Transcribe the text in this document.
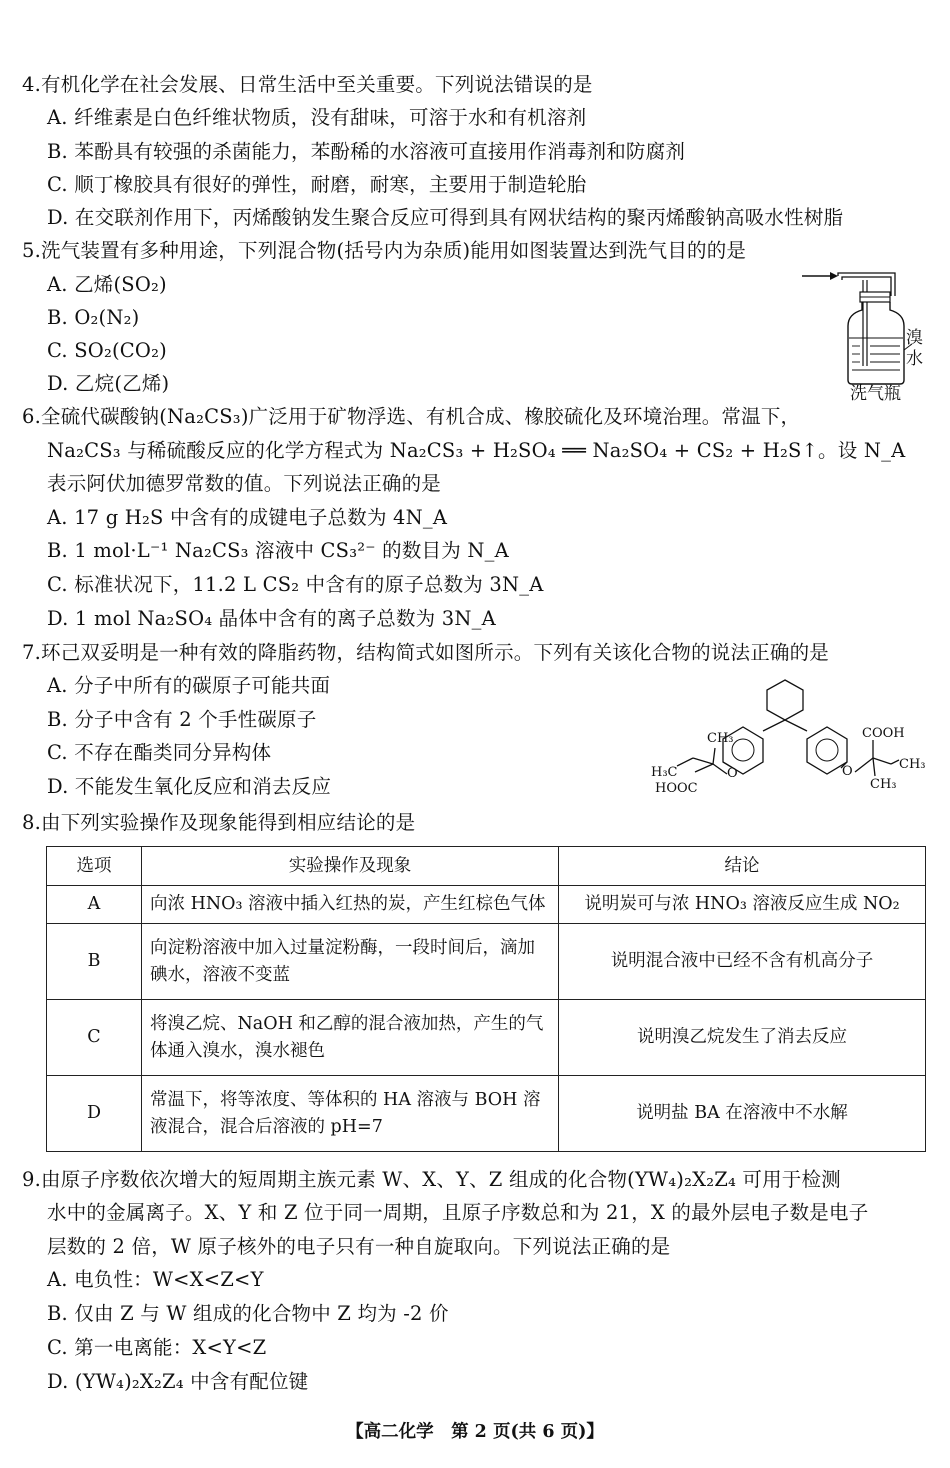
4.有机化学在社会发展、日常生活中至关重要。下列说法错误的是
A. 纤维素是白色纤维状物质，没有甜味，可溶于水和有机溶剂
B. 苯酚具有较强的杀菌能力，苯酚稀的水溶液可直接用作消毒剂和防腐剂
C. 顺丁橡胶具有很好的弹性，耐磨，耐寒，主要用于制造轮胎
D. 在交联剂作用下，丙烯酸钠发生聚合反应可得到具有网状结构的聚丙烯酸钠高吸水性树脂
5.洗气装置有多种用途，下列混合物(括号内为杂质)能用如图装置达到洗气目的的是
A. 乙烯(SO₂)
B. O₂(N₂)
C. SO₂(CO₂)
D. 乙烷(乙烯)
溴
水
洗气瓶
6.全硫代碳酸钠(Na₂CS₃)广泛用于矿物浮选、有机合成、橡胶硫化及环境治理。常温下，
Na₂CS₃ 与稀硫酸反应的化学方程式为 Na₂CS₃ + H₂SO₄ ══ Na₂SO₄ + CS₂ + H₂S↑。设 N_A
表示阿伏加德罗常数的值。下列说法正确的是
A. 17 g H₂S 中含有的成键电子总数为 4N_A
B. 1 mol·L⁻¹ Na₂CS₃ 溶液中 CS₃²⁻ 的数目为 N_A
C. 标准状况下，11.2 L CS₂ 中含有的原子总数为 3N_A
D. 1 mol Na₂SO₄ 晶体中含有的离子总数为 3N_A
7.环己双妥明是一种有效的降脂药物，结构简式如图所示。下列有关该化合物的说法正确的是
A. 分子中所有的碳原子可能共面
B. 分子中含有 2 个手性碳原子
C. 不存在酯类同分异构体
D. 不能发生氧化反应和消去反应
CH₃
H₃C	O
HOOC
COOH
CH₃
O
CH₃
8.由下列实验操作及现象能得到相应结论的是
选项	实验操作及现象	结论
A	向浓 HNO₃ 溶液中插入红热的炭，产生红棕色气体	说明炭可与浓 HNO₃ 溶液反应生成 NO₂
B	向淀粉溶液中加入过量淀粉酶，一段时间后，滴加碘水，溶液不变蓝	说明混合液中已经不含有机高分子
C	将溴乙烷、NaOH 和乙醇的混合液加热，产生的气体通入溴水，溴水褪色	说明溴乙烷发生了消去反应
D	常温下，将等浓度、等体积的 HA 溶液与 BOH 溶液混合，混合后溶液的 pH=7	说明盐 BA 在溶液中不水解
9.由原子序数依次增大的短周期主族元素 W、X、Y、Z 组成的化合物(YW₄)₂X₂Z₄ 可用于检测
水中的金属离子。X、Y 和 Z 位于同一周期，且原子序数总和为 21，X 的最外层电子数是电子
层数的 2 倍，W 原子核外的电子只有一种自旋取向。下列说法正确的是
A. 电负性：W<X<Z<Y
B. 仅由 Z 与 W 组成的化合物中 Z 均为 -2 价
C. 第一电离能：X<Y<Z
D. (YW₄)₂X₂Z₄ 中含有配位键
【高二化学　第 2 页(共 6 页)】
